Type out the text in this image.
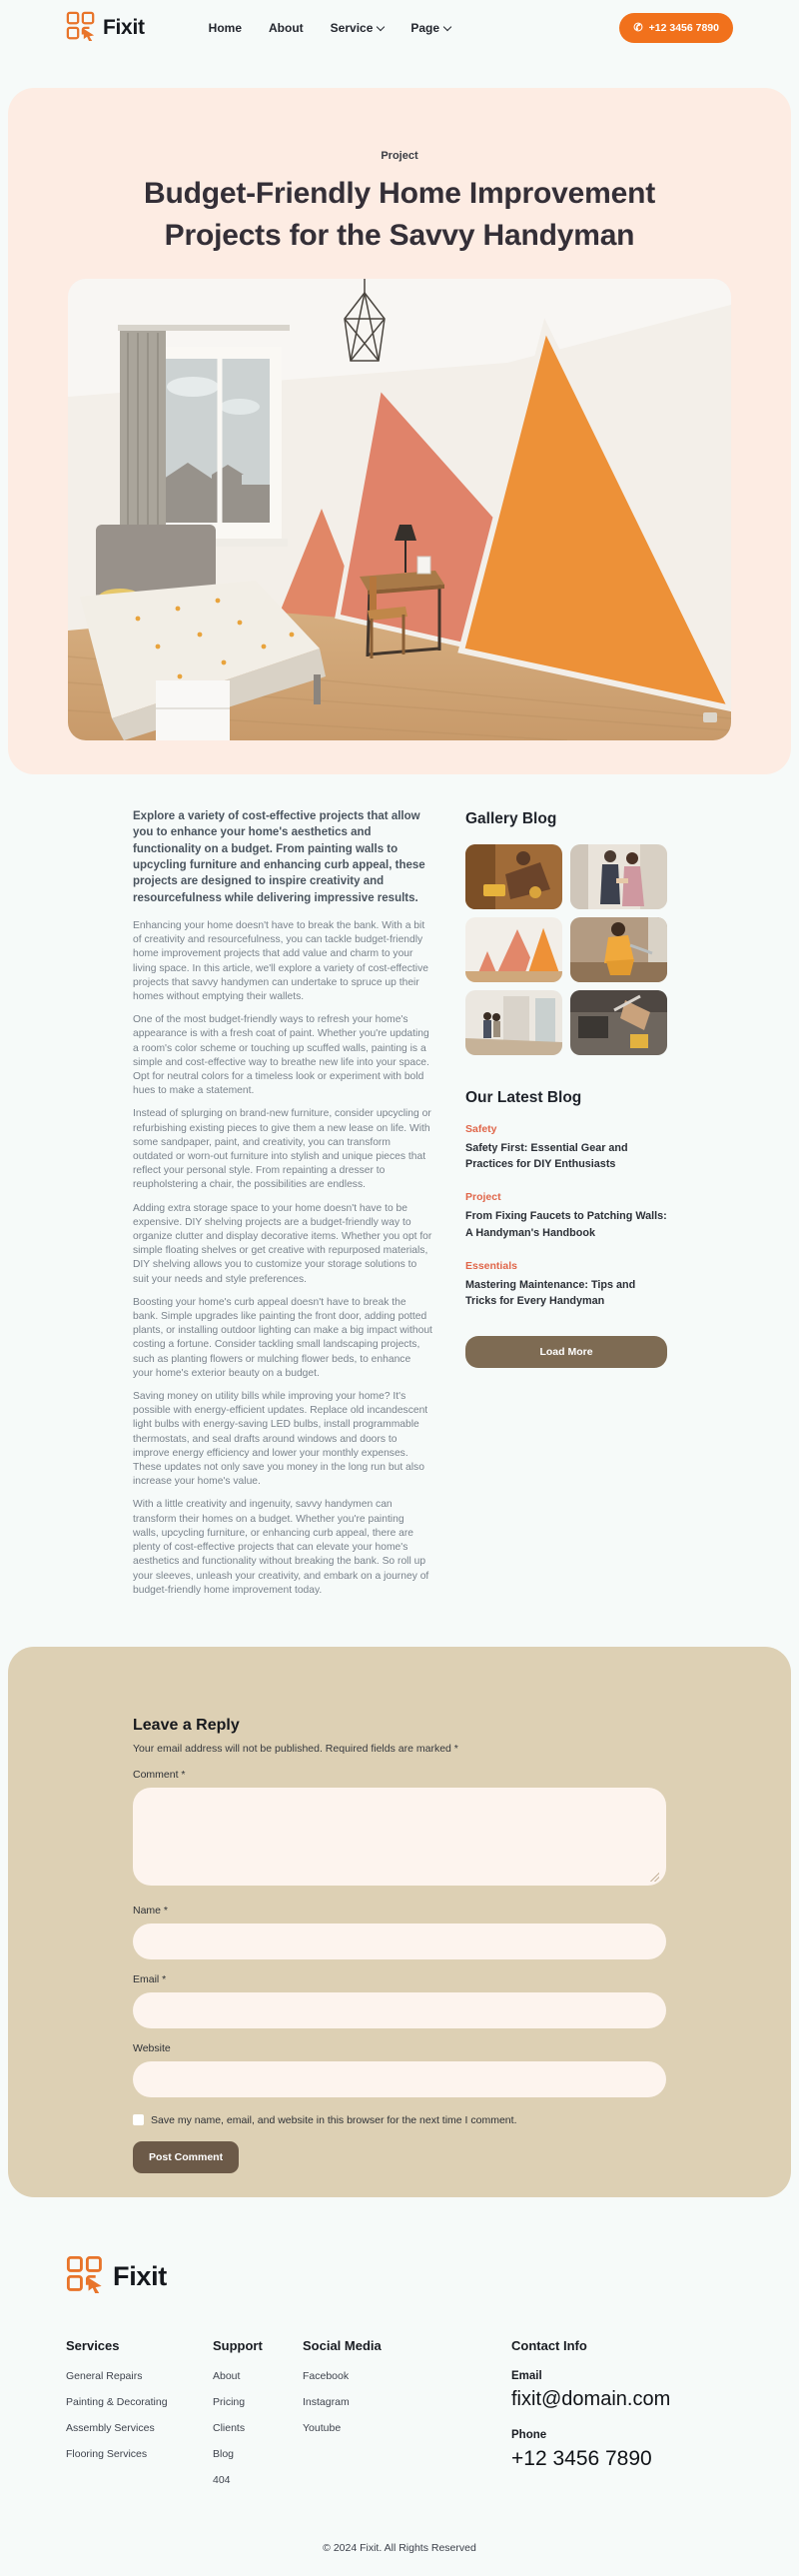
Fixit	Home About Service	Page	✆ +12 3456 7890
Project
Budget-Friendly Home Improvement
Projects for the Savvy Handyman

Explore a variety of cost-effective projects that allow you to enhance your home's aesthetics and functionality on a budget. From painting walls to upcycling furniture and enhancing curb appeal, these projects are designed to inspire creativity and resourcefulness while delivering impressive results.

Enhancing your home doesn't have to break the bank. With a bit of creativity and resourcefulness, you can tackle budget-friendly home improvement projects that add value and charm to your living space. In this article, we'll explore a variety of cost-effective projects that savvy handymen can undertake to spruce up their homes without emptying their wallets.

One of the most budget-friendly ways to refresh your home's appearance is with a fresh coat of paint. Whether you're updating a room's color scheme or touching up scuffed walls, painting is a simple and cost-effective way to breathe new life into your space. Opt for neutral colors for a timeless look or experiment with bold hues to make a statement.

Instead of splurging on brand-new furniture, consider upcycling or refurbishing existing pieces to give them a new lease on life. With some sandpaper, paint, and creativity, you can transform outdated or worn-out furniture into stylish and unique pieces that reflect your personal style. From repainting a dresser to reupholstering a chair, the possibilities are endless.

Adding extra storage space to your home doesn't have to be expensive. DIY shelving projects are a budget-friendly way to organize clutter and display decorative items. Whether you opt for simple floating shelves or get creative with repurposed materials, DIY shelving allows you to customize your storage solutions to suit your needs and style preferences.

Boosting your home's curb appeal doesn't have to break the bank. Simple upgrades like painting the front door, adding potted plants, or installing outdoor lighting can make a big impact without costing a fortune. Consider tackling small landscaping projects, such as planting flowers or mulching flower beds, to enhance your home's exterior beauty on a budget.

Saving money on utility bills while improving your home? It's possible with energy-efficient updates. Replace old incandescent light bulbs with energy-saving LED bulbs, install programmable thermostats, and seal drafts around windows and doors to improve energy efficiency and lower your monthly expenses. These updates not only save you money in the long run but also increase your home's value.

With a little creativity and ingenuity, savvy handymen can transform their homes on a budget. Whether you're painting walls, upcycling furniture, or enhancing curb appeal, there are plenty of cost-effective projects that can elevate your home's aesthetics and functionality without breaking the bank. So roll up your sleeves, unleash your creativity, and embark on a journey of budget-friendly home improvement today.

Gallery Blog
Our Latest Blog
Safety
Safety First: Essential Gear and Practices for DIY Enthusiasts
Project
From Fixing Faucets to Patching Walls: A Handyman's Handbook
Essentials
Mastering Maintenance: Tips and Tricks for Every Handyman
Load More
Leave a Reply
Your email address will not be published. Required fields are marked *
Comment *
Name *
Email *
Website
Save my name, email, and website in this browser for the next time I comment.
Post Comment
Fixit
Services
General Repairs
Painting & Decorating
Assembly Services
Flooring Services
Support
About
Pricing
Clients
Blog
404
Social Media
Facebook
Instagram
Youtube
Contact Info
Email
fixit@domain.com
Phone
+12 3456 7890
© 2024 Fixit. All Rights Reserved
